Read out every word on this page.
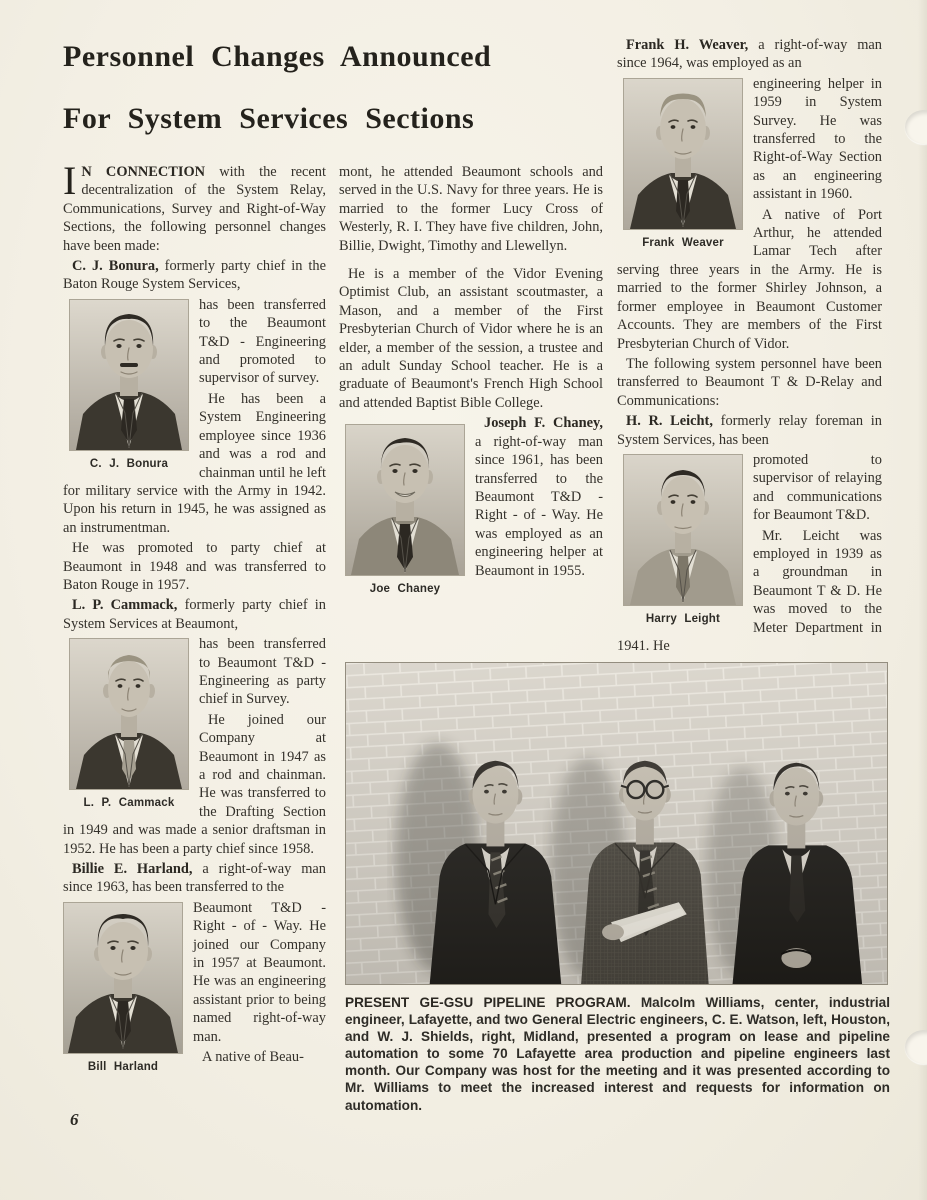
Personnel Changes Announced
For System Services Sections

I N CONNECTION with the recent decentralization of the System Relay, Communications, Survey and Right-of-Way Sections, the following personnel changes have been made:

C. J. Bonura, formerly party chief in the Baton Rouge System Services,

C. J. Bonura

has been transferred to the Beaumont T&D - Engineering and promoted to supervisor of survey.

He has been a System Engineering employee since 1936 and was a rod and chainman until he left for military service with the Army in 1942. Upon his return in 1945, he was assigned as an instrumentman.

He was promoted to party chief at Beaumont in 1948 and was transferred to Baton Rouge in 1957.

L. P. Cammack, formerly party chief in System Services at Beaumont,

L. P. Cammack

has been transferred to Beaumont T&D - Engineering as party chief in Survey.

He joined our Company at Beaumont in 1947 as a rod and chainman. He was transferred to the Drafting Section in 1949 and was made a senior draftsman in 1952. He has been a party chief since 1958.

Billie E. Harland, a right-of-way man since 1963, has been transferred to the

Bill Harland

Beaumont T&D - Right - of - Way. He joined our Company in 1957 at Beaumont. He was an engineering assistant prior to being named right-of-way man.

A native of Beau-

mont, he attended Beaumont schools and served in the U.S. Navy for three years. He is married to the former Lucy Cross of Westerly, R. I. They have five children, John, Billie, Dwight, Timothy and Llewellyn.

He is a member of the Vidor Evening Optimist Club, an assistant scoutmaster, a Mason, and a member of the First Presbyterian Church of Vidor where he is an elder, a member of the session, a trustee and an adult Sunday School teacher. He is a graduate of Beaumont's French High School and attended Baptist Bible College.

Joe Chaney

Joseph F. Chaney, a right-of-way man since 1961, has been transferred to the Beaumont T&D - Right - of - Way. He was employed as an engineering helper at Beaumont in 1955.

Frank H. Weaver, a right-of-way man since 1964, was employed as an

Frank Weaver

engineering helper in 1959 in System Survey. He was transferred to the Right-of-Way Section as an engineering assistant in 1960.

A native of Port Arthur, he attended Lamar Tech after serving three years in the Army. He is married to the former Shirley Johnson, a former employee in Beaumont Customer Accounts. They are members of the First Presbyterian Church of Vidor.

The following system personnel have been transferred to Beaumont T & D-Relay and Communications:

H. R. Leicht, formerly relay foreman in System Services, has been

Harry Leight

promoted to supervisor of relaying and communications for Beaumont T&D.

Mr. Leicht was employed in 1939 as a groundman in Beaumont T & D. He was moved to the Meter Department in 1941. He

PRESENT GE-GSU PIPELINE PROGRAM. Malcolm Williams, center, industrial engineer, Lafayette, and two General Electric engineers, C. E. Watson, left, Houston, and W. J. Shields, right, Midland, presented a program on lease and pipeline automation to some 70 Lafayette area production and pipeline engineers last month. Our Company was host for the meeting and it was presented according to Mr. Williams to meet the increased interest and requests for information on automation.

6
